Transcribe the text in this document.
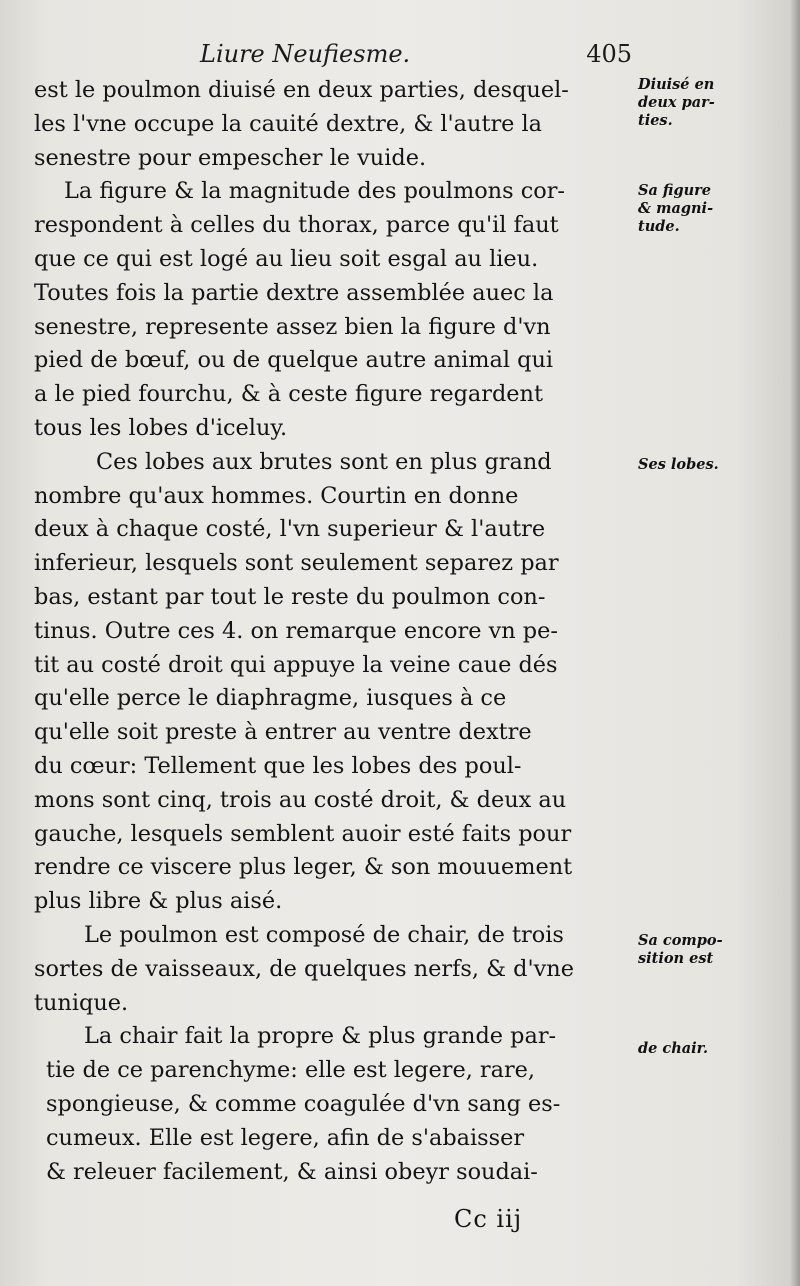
Liure Neufiesme.	405
est le poulmon diuisé en deux parties, desquel-
les l'vne occupe la cauité dextre, & l'autre la
senestre pour empescher le vuide.
La figure & la magnitude des poulmons cor-
respondent à celles du thorax, parce qu'il faut
que ce qui est logé au lieu soit esgal au lieu.
Toutes fois la partie dextre assemblée auec la
senestre, represente assez bien la figure d'vn
pied de bœuf, ou de quelque autre animal qui
a le pied fourchu, & à ceste figure regardent
tous les lobes d'iceluy.
Ces lobes aux brutes sont en plus grand
nombre qu'aux hommes. Courtin en donne
deux à chaque costé, l'vn superieur & l'autre
inferieur, lesquels sont seulement separez par
bas, estant par tout le reste du poulmon con-
tinus. Outre ces 4. on remarque encore vn pe-
tit au costé droit qui appuye la veine caue dés
qu'elle perce le diaphragme, iusques à ce
qu'elle soit preste à entrer au ventre dextre
du cœur: Tellement que les lobes des poul-
mons sont cinq, trois au costé droit, & deux au
gauche, lesquels semblent auoir esté faits pour
rendre ce viscere plus leger, & son mouuement
plus libre & plus aisé.
Le poulmon est composé de chair, de trois
sortes de vaisseaux, de quelques nerfs, & d'vne
tunique.
La chair fait la propre & plus grande par-
tie de ce parenchyme: elle est legere, rare,
spongieuse, & comme coagulée d'vn sang es-
cumeux. Elle est legere, afin de s'abaisser
& releuer facilement, & ainsi obeyr soudai-
Diuisé en
deux par-
ties.
Sa figure
& magni-
tude.
Ses lobes.
Sa compo-
sition est
de chair.
Cc iij
